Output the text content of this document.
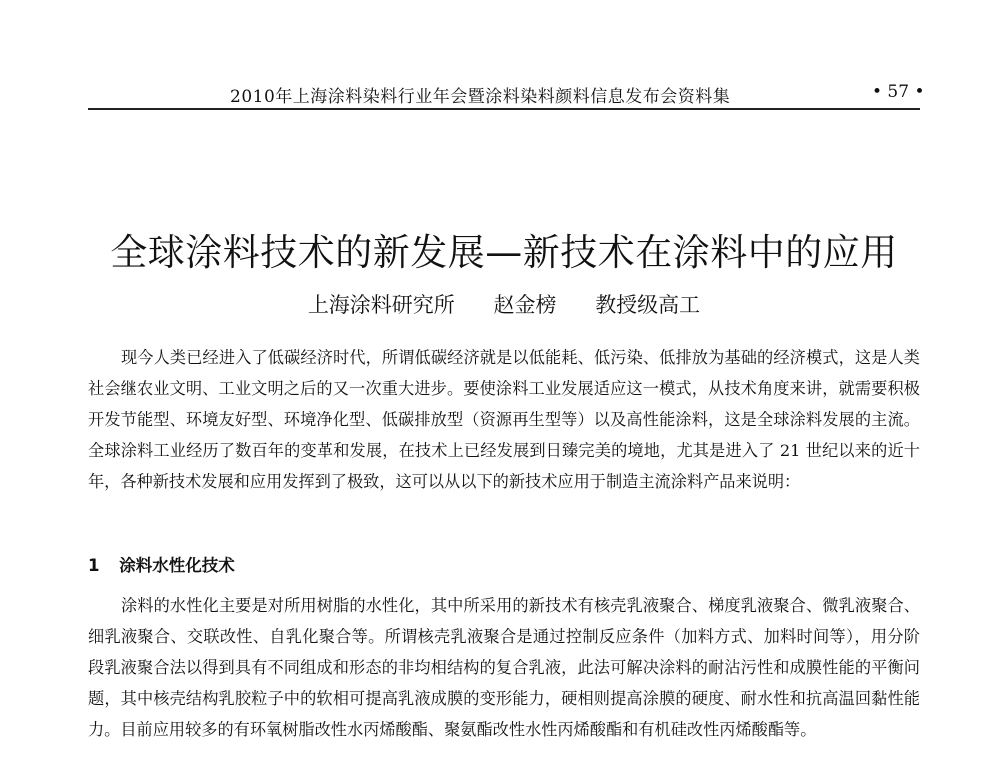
2010年上海涂料染料行业年会暨涂料染料颜料信息发布会资料集	• 57 •
全球涂料技术的新发展—新技术在涂料中的应用
上海涂料研究所 赵金榜 教授级高工

现今人类已经进入了低碳经济时代，所谓低碳经济就是以低能耗、低污染、低排放为基础的经济模式，这是人类社会继农业文明、工业文明之后的又一次重大进步。要使涂料工业发展适应这一模式，从技术角度来讲，就需要积极开发节能型、环境友好型、环境净化型、低碳排放型（资源再生型等）以及高性能涂料，这是全球涂料发展的主流。全球涂料工业经历了数百年的变革和发展，在技术上已经发展到日臻完美的境地，尤其是进入了 21 世纪以来的近十年，各种新技术发展和应用发挥到了极致，这可以从以下的新技术应用于制造主流涂料产品来说明：

1 涂料水性化技术

涂料的水性化主要是对所用树脂的水性化，其中所采用的新技术有核壳乳液聚合、梯度乳液聚合、微乳液聚合、细乳液聚合、交联改性、自乳化聚合等。所谓核壳乳液聚合是通过控制反应条件（加料方式、加料时间等），用分阶段乳液聚合法以得到具有不同组成和形态的非均相结构的复合乳液，此法可解决涂料的耐沾污性和成膜性能的平衡问题，其中核壳结构乳胶粒子中的软相可提高乳液成膜的变形能力，硬相则提高涂膜的硬度、耐水性和抗高温回黏性能力。目前应用较多的有环氧树脂改性水丙烯酸酯、聚氨酯改性水性丙烯酸酯和有机硅改性丙烯酸酯等。
